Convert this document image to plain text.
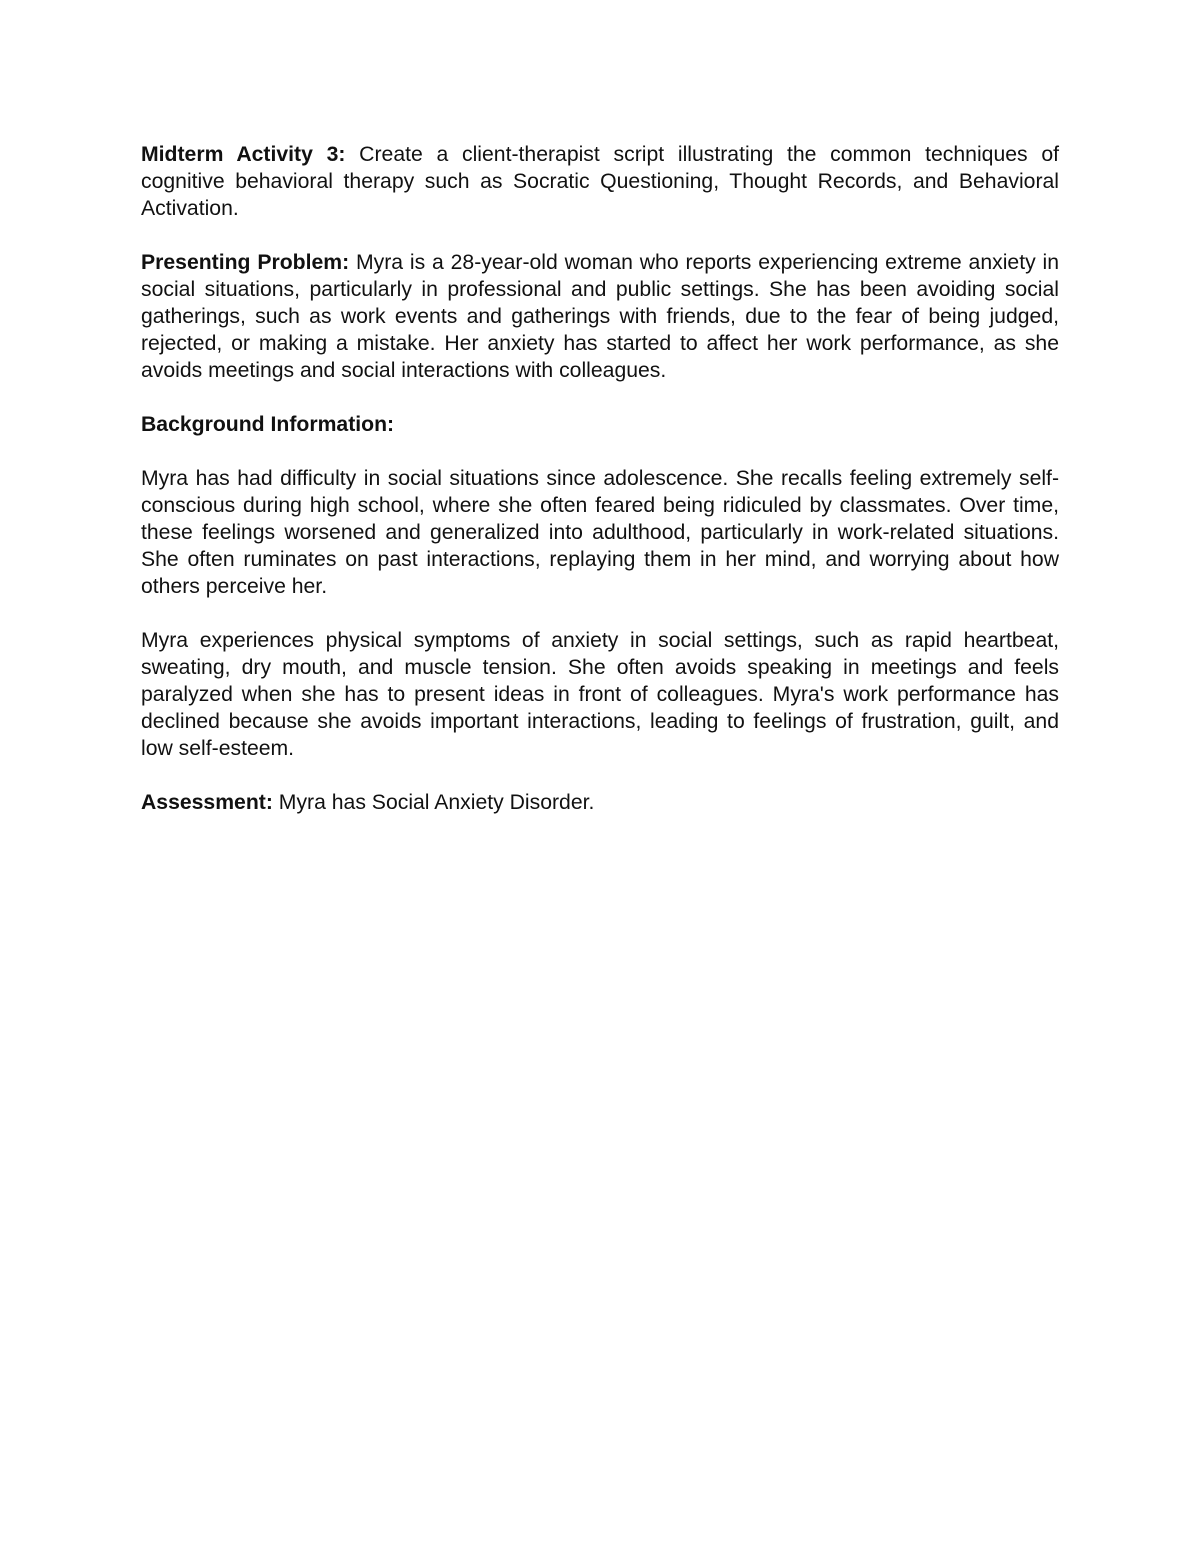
Midterm Activity 3: Create a client-therapist script illustrating the common techniques of cognitive behavioral therapy such as Socratic Questioning, Thought Records, and Behavioral Activation.

Presenting Problem: Myra is a 28-year-old woman who reports experiencing extreme anxiety in social situations, particularly in professional and public settings. She has been avoiding social gatherings, such as work events and gatherings with friends, due to the fear of being judged, rejected, or making a mistake. Her anxiety has started to affect her work performance, as she avoids meetings and social interactions with colleagues.

Background Information:

Myra has had difficulty in social situations since adolescence. She recalls feeling extremely self-conscious during high school, where she often feared being ridiculed by classmates. Over time, these feelings worsened and generalized into adulthood, particularly in work-related situations. She often ruminates on past interactions, replaying them in her mind, and worrying about how others perceive her.

Myra experiences physical symptoms of anxiety in social settings, such as rapid heartbeat, sweating, dry mouth, and muscle tension. She often avoids speaking in meetings and feels paralyzed when she has to present ideas in front of colleagues. Myra's work performance has declined because she avoids important interactions, leading to feelings of frustration, guilt, and low self-esteem.

Assessment: Myra has Social Anxiety Disorder.
